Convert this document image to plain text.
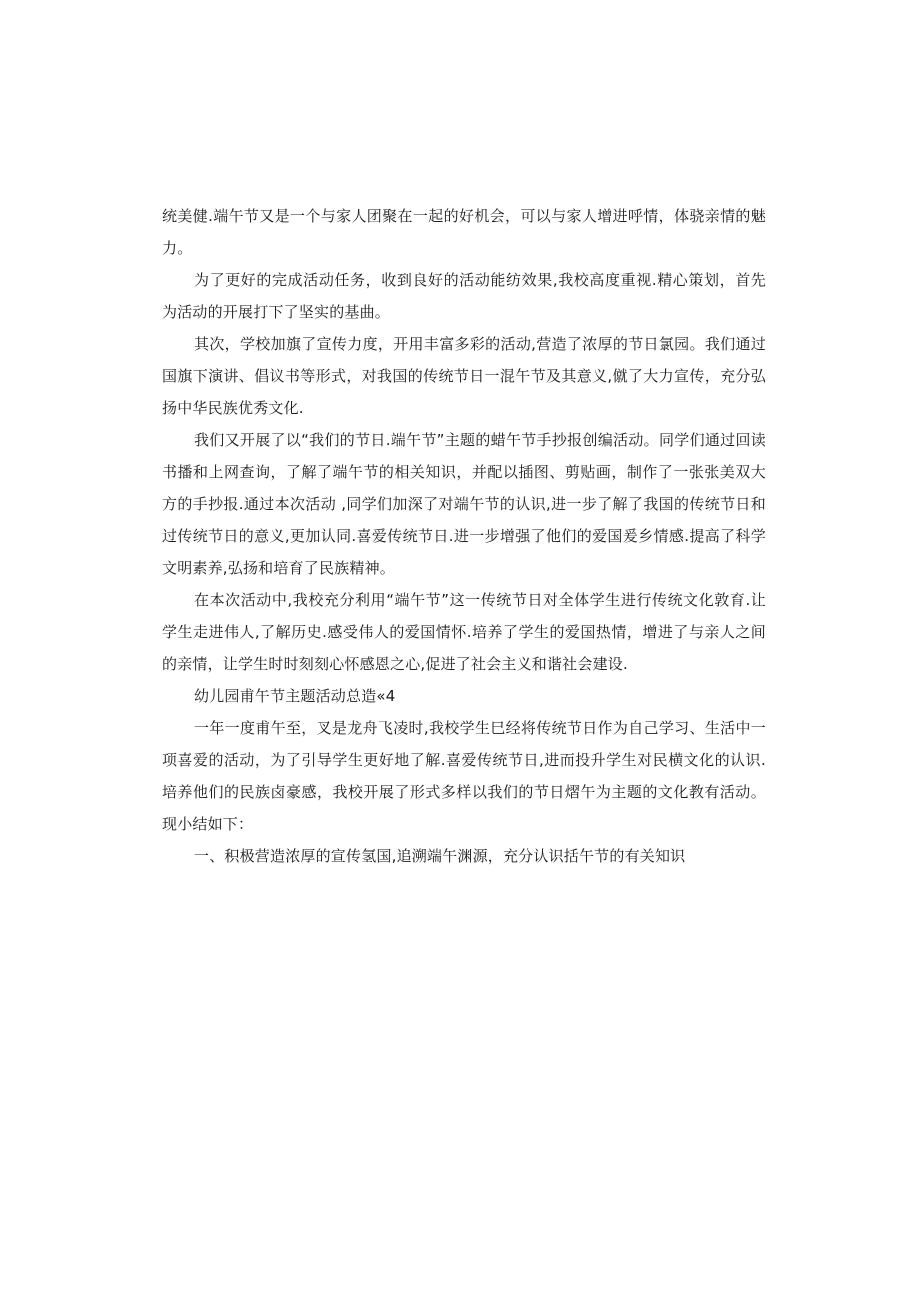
统美健.端午节又是一个与家人团聚在一起的好机会，可以与家人增进呼情，体骁亲情的魅力。

为了更好的完成活动任务，收到良好的活动能纺效果,我校高度重视.精心策划，首先为活动的开展打下了坚实的基曲。

其次，学校加旗了宣传力度，开用丰富多彩的活动,营造了浓厚的节日氯园。我们通过国旗下演讲、倡议书等形式，对我国的传统节日一混午节及其意义,僦了大力宣传，充分弘扬中华民族优秀文化.

我们又开展了以“我们的节日.端午节”主题的蜡午节手抄报创编活动。同学们通过回读书播和上网查询，了解了端午节的相关知识，并配以插图、剪贴画，制作了一张张美双大方的手抄报.通过本次活动 ,同学们加深了对端午节的认识,进一步了解了我国的传统节日和过传统节日的意义,更加认同.喜爱传统节日.进一步增强了他们的爱国爰乡情感.提高了科学文明素养,弘扬和培育了民族精神。

在本次活动中,我校充分利用“端午节”这一传统节日对全体学生进行传统文化敦育.让学生走进伟人,了解历史.感受伟人的爱国情怀.培养了学生的爱国热情，增进了与亲人之间的亲情，让学生时时刻刻心怀感恩之心,促进了社会主义和谐社会建设.

幼儿园甫午节主题活动总造«4

一年一度甫午至，叉是龙舟飞凌时,我校学生巳经将传统节日作为自己学习、生活中一项喜爱的活动，为了引导学生更好地了解.喜爱传统节日,进而投升学生对民横文化的认识.培养他们的民族卤豪感，我校开展了形式多样以我们的节日熠午为主题的文化教有活动。现小结如下：

一、积极营造浓厚的宣传氢国,追溯端午渊源，充分认识括午节的有关知识
